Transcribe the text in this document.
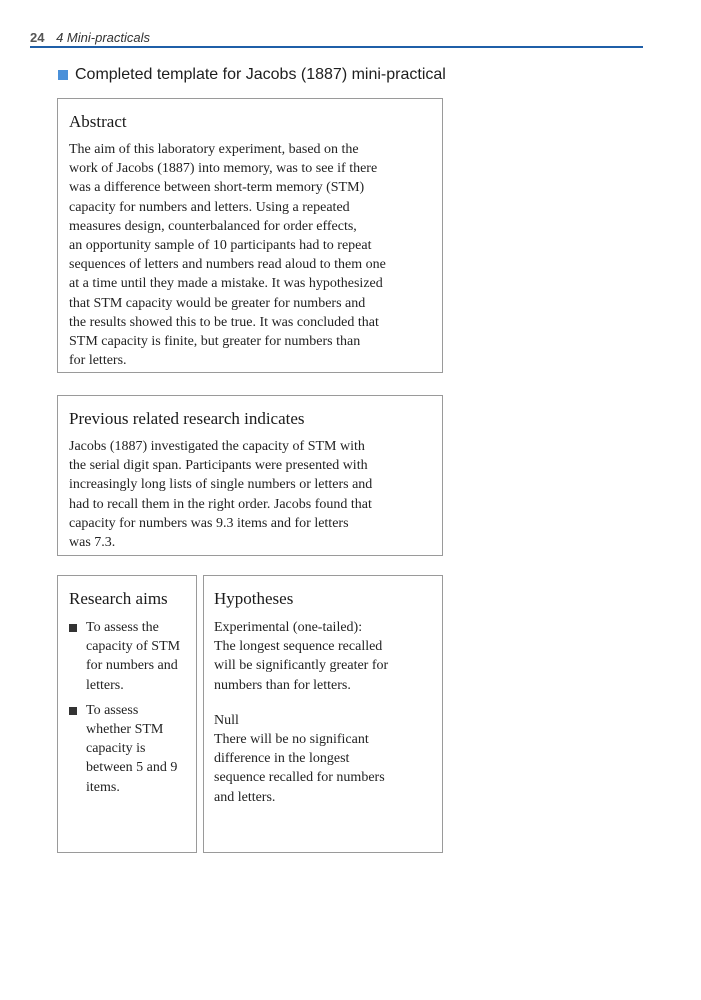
24 4 Mini-practicals
Completed template for Jacobs (1887) mini-practical
Abstract

The aim of this laboratory experiment, based on the
work of Jacobs (1887) into memory, was to see if there
was a difference between short-term memory (STM)
capacity for numbers and letters. Using a repeated
measures design, counterbalanced for order effects,
an opportunity sample of 10 participants had to repeat
sequences of letters and numbers read aloud to them one
at a time until they made a mistake. It was hypothesized
that STM capacity would be greater for numbers and
the results showed this to be true. It was concluded that
STM capacity is finite, but greater for numbers than
for letters.

Previous related research indicates

Jacobs (1887) investigated the capacity of STM with
the serial digit span. Participants were presented with
increasingly long lists of single numbers or letters and
had to recall them in the right order. Jacobs found that
capacity for numbers was 9.3 items and for letters
was 7.3.

Research aims
To assess the
capacity of STM
for numbers and
letters.
To assess
whether STM
capacity is
between 5 and 9
items.
Hypotheses

Experimental (one-tailed):
The longest sequence recalled
will be significantly greater for
numbers than for letters.

Null
There will be no significant
difference in the longest
sequence recalled for numbers
and letters.
